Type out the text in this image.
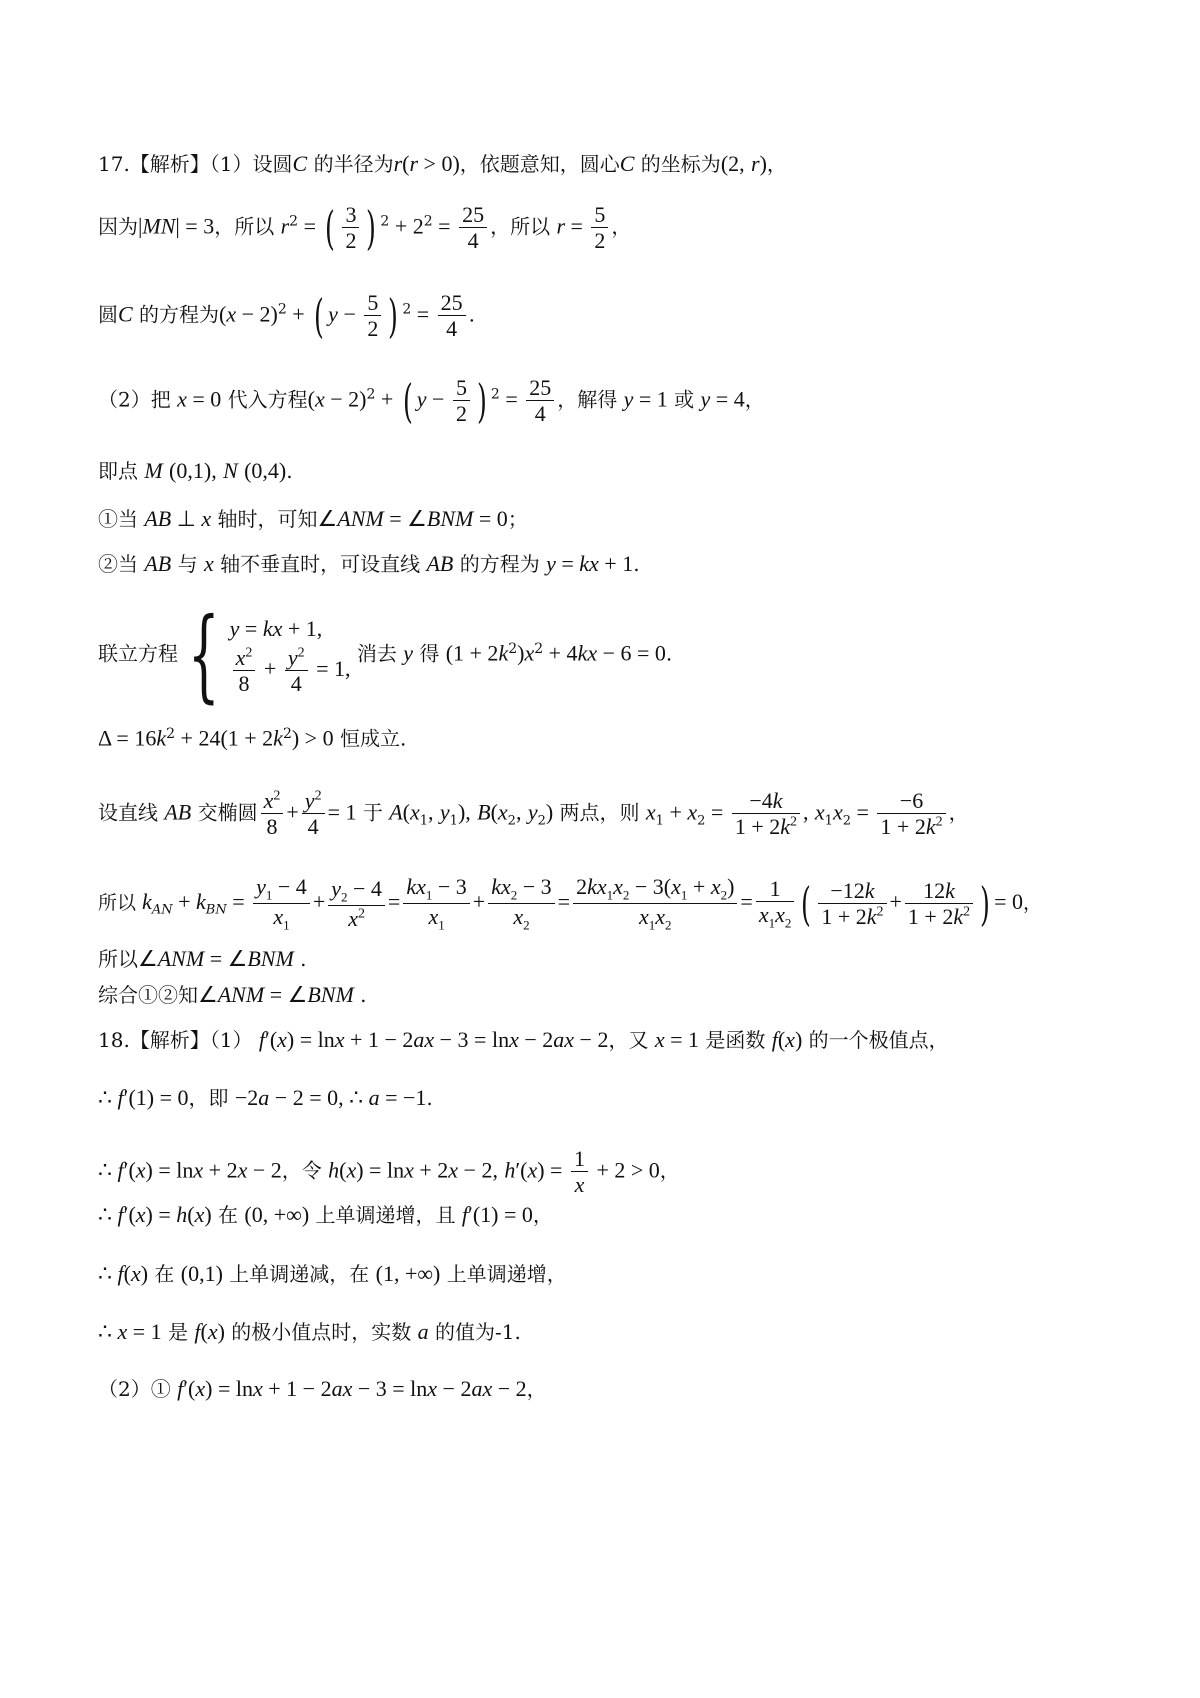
17.【解析】（1）设圆C 的半径为r(r > 0)，依题意知，圆心C 的坐标为(2, r)，
因为|MN| = 3，所以 $r^2$ = ( $\frac{3}{2}$ ) $^2 + 2^2 = \frac{25}{4}$ ，所以 $r = \frac{5}{2}$ ，
圆C 的方程为$(x - 2)^2$ + ( $y - \frac{5}{2}$ ) $^2 = \frac{25}{4}$ .
（2）把 x = 0 代入方程$(x - 2)^2$ + ( $y - \frac{5}{2}$ ) $^2 = \frac{25}{4}$ ，解得 y = 1 或 y = 4，
即点 M (0,1), N (0,4).
①当 AB ⊥ x 轴时，可知∠ANM = ∠BNM = 0；
②当 AB 与 x 轴不垂直时，可设直线 AB 的方程为 y = kx + 1.
联立方程{ y = kx + 1,
$\frac{x^2}{8} + \frac{y^2}{4} = 1$,
消去 y 得 $(1 + 2k^2)x^2 + 4kx - 6 = 0$.
$\Delta = 16k^2 + 24(1 + 2k^2) > 0$ 恒成立.
设直线 AB 交椭圆 $\frac{x^2}{8} + \frac{y^2}{4} = 1$ 于 $A(x_1$, $y_1$), $B(x_2$, $y_2$) 两点，则 $x_1 + x_2 = \frac{-4k}{1 + 2k^2}$ , $x_1x_2 = \frac{-6}{1 + 2k^2}$ ，
所以 $k_{AN} + k_{BN} = \frac{y_1 - 4}{x_1} + \frac{y_2 - 4}{x^2} = \frac{kx_1 - 3}{x_1} + \frac{kx_2 - 3}{x_2} = \frac{2kx_1x_2 - 3(x_1 + x_2)}{x_1x_2} = \frac{1}{x_1x_2}$ ( $\frac{-12k}{1 + 2k^2} + \frac{12k}{1 + 2k^2}$ ) = 0，
所以∠ANM = ∠BNM .
综合①②知∠ANM = ∠BNM .
18.【解析】（1） f′(x) = lnx + 1 − 2ax − 3 = lnx − 2ax − 2，又 x = 1 是函数 f(x) 的一个极值点，
∴ f′(1) = 0，即 −2a − 2 = 0, ∴ a = −1.
∴ f′(x) = lnx + 2x − 2，令 h(x) = lnx + 2x − 2, $h'(x) = \frac{1}{x} + 2 > 0$，
∴ f′(x) = h(x) 在 (0, +∞) 上单调递增，且 f′(1) = 0，
∴ f(x) 在 (0,1) 上单调递减，在 (1, +∞) 上单调递增，
∴ x = 1 是 f(x) 的极小值点时，实数 a 的值为-1.
（2）① f′(x) = lnx + 1 − 2ax − 3 = lnx − 2ax − 2，
